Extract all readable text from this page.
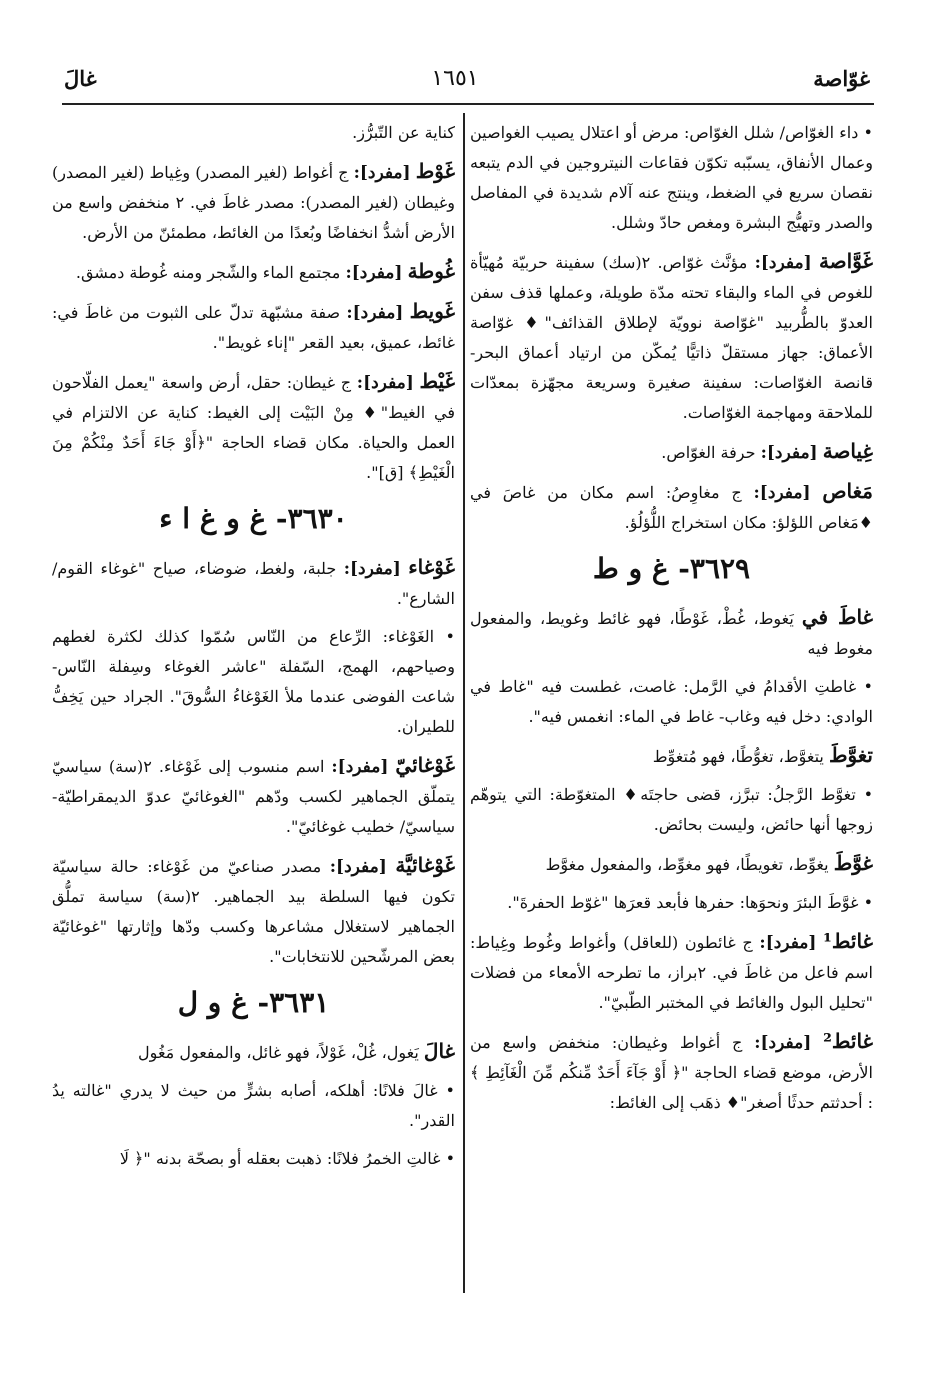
غوّاصة
١٦٥١
غالَ

• داء الغوّاص/ شلل الغوّاص: مرض أو اعتلال يصيب الغواصين وعمال الأنفاق، يسبّبه تكوّن فقاعات النيتروجين في الدم يتبعه نقصان سريع في الضغط، وينتج عنه آلام شديدة في المفاصل والصدر وتهيُّج البشرة ومغص حادّ وشلل.

غَوَّاصة [مفرد]: مؤنَّث غوّاص. ٢(سك) سفينة حربيّة مُهيّأة للغوص في الماء والبقاء تحته مدّة طويلة، وعملها قذف سفن العدوّ بالطُّربيد "غوّاصة نوويّة لإطلاق القذائف"♦ غوّاصة الأعماق: جهاز مستقلّ ذاتيًّا يُمكّن من ارتياد أعماق البحر- قانصة الغوّاصات: سفينة صغيرة وسريعة مجهّزة بمعدّات للملاحقة ومهاجمة الغوّاصات.

غِياصة [مفرد]: حرفة الغوّاص.

مَغاص [مفرد]: ج مغاوِصُ: اسم مكان من غاصَ في ♦مَغاص اللؤلؤ: مكان استخراج اللُّؤلُؤ.

٣٦٢٩- غ و ط

غاطَ في يَغوط، غُطْ، غَوْطًا، فهو غائط وغويط، والمفعول مغوط فيه

• غاطتِ الأقدامُ في الرَّمل: غاصت، غطست فيه "غاط في الوادي: دخل فيه وغاب- غاط في الماء: انغمس فيه".

تغوَّطَ يتغوَّط، تغوُّطًا، فهو مُتغوِّط

• تغوَّط الرَّجلُ: تبرَّز، قضى حاجتَه♦ المتغوّطة: التي يتوهّم زوجها أنها حائض، وليست بحائض.

غوَّطَ يغوِّط، تغويطًا، فهو مغوِّط، والمفعول مغوَّط

• غوَّطَ البئرَ ونحوَها: حفرها فأبعد قعرَها "غوّط الحفرةَ".

غائط¹ [مفرد]: ج غائطون (للعاقل) وأغواط وغُوط وغِياط: اسم فاعل من غاطَ في. ٢براز، ما تطرحه الأمعاء من فضلات "تحليل البول والغائط في المختبر الطّبيّ".

غائط² [مفرد]: ج أغواط وغيطان: منخفض واسع من الأرض، موضع قضاء الحاجة "﴿ أَوْ جَآءَ أَحَدٌ مِّنكُم مِّنَ الْغَآئِطِ ﴾ : أحدثتم حدثًا أصغر"♦ ذهَب إلى الغائط:

كناية عن التّبرُّز.

غَوْط [مفرد]: ج أغواط (لغير المصدر) وغِياط (لغير المصدر) وغيطان (لغير المصدر): مصدر غاطَ في. ٢ منخفض واسع من الأرض أشدُّ انخفاضًا وبُعدًا من الغائط، مطمئنّ من الأرض.

غُوطة [مفرد]: مجتمع الماء والشّجر ومنه غُوطة دمشق.

غَويط [مفرد]: صفة مشبّهة تدلّ على الثبوت من غاطَ في: غائط، عميق، بعيد القعر "إناء غويط".

غَيْط [مفرد]: ج غيطان: حقل، أرض واسعة "يعمل الفلّاحون في الغيط"♦ مِنْ البَيْت إلى الغيط: كناية عن الالتزام في العمل والحياة. مكان قضاء الحاجة "﴿أَوْ جَاءَ أَحَدٌ مِنْكُمْ مِنَ الْغَيْطِ﴾ [ق]".

٣٦٣٠- غ و غ ا ء

غَوْغاء [مفرد]: جلبة، ولغط، ضوضاء، صياح "غوغاء القوم/ الشارع".

• الغَوْغاء: الرِّعاع من النّاس سُمّوا كذلك لكثرة لغطهم وصياحهم، الهمج، السّفلة "عاشر الغوغاء وسِفلة النّاس- شاعت الفوضى عندما ملأ الغَوْغاءُ السُّوقَ". الجراد حين يَخِفُّ للطيران.

غَوْغائيّ [مفرد]: اسم منسوب إلى غَوْغاء. ٢(سة) سياسيّ يتملّق الجماهير لكسب ودّهم "الغوغائيّ عدوّ الديمقراطيّة- سياسيّ/ خطيب غوغائيّ".

غَوْغائيَّة [مفرد]: مصدر صناعيّ من غَوْغاء: حالة سياسيّة تكون فيها السلطة بيد الجماهير. ٢(سة) سياسة تملُّق الجماهير لاستغلال مشاعرها وكسب ودّها وإثارتها "غوغائيّة بعض المرشّحين للانتخابات".

٣٦٣١- غ و ل

غالَ يَغول، غُلْ، غَوْلاً، فهو غائل، والمفعول مَغُول

• غالَ فلانًا: أهلكه، أصابه بشرٍّ من حيث لا يدري "غالته يدُ القدر".

• غالتِ الخمرُ فلانًا: ذهبت بعقله أو بصحّة بدنه "﴿ لَا
